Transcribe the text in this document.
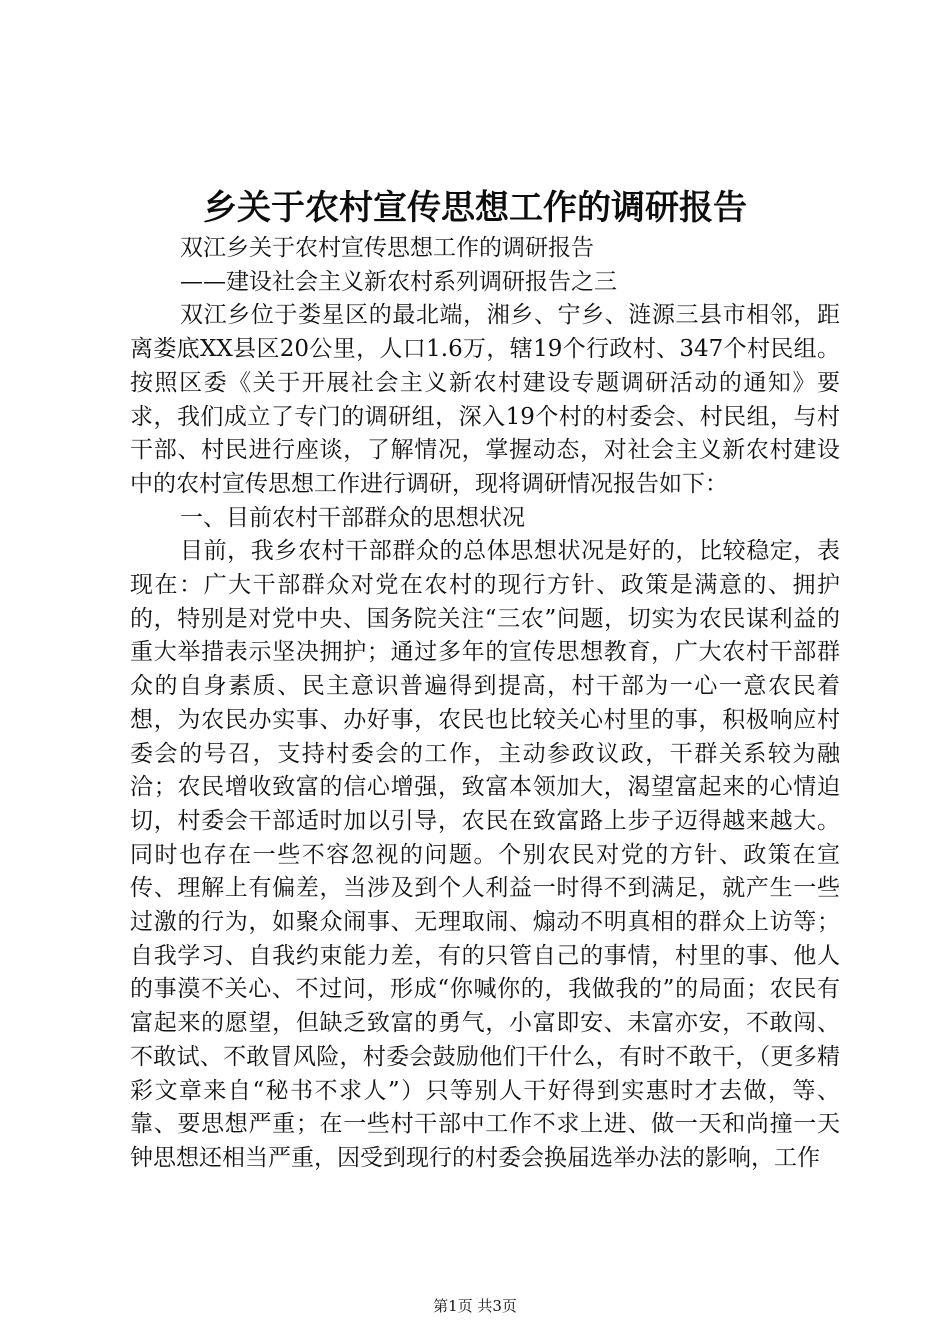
乡关于农村宣传思想工作的调研报告

双江乡关于农村宣传思想工作的调研报告

——建设社会主义新农村系列调研报告之三

双江乡位于娄星区的最北端，湘乡、宁乡、涟源三县市相邻，距离娄底XX县区20公里，人口1.6万，辖19个行政村、347个村民组。按照区委《关于开展社会主义新农村建设专题调研活动的通知》要求，我们成立了专门的调研组，深入19个村的村委会、村民组，与村干部、村民进行座谈，了解情况，掌握动态，对社会主义新农村建设中的农村宣传思想工作进行调研，现将调研情况报告如下：

一、目前农村干部群众的思想状况

目前，我乡农村干部群众的总体思想状况是好的，比较稳定，表现在：广大干部群众对党在农村的现行方针、政策是满意的、拥护的，特别是对党中央、国务院关注“三农”问题，切实为农民谋利益的重大举措表示坚决拥护；通过多年的宣传思想教育，广大农村干部群众的自身素质、民主意识普遍得到提高，村干部为一心一意农民着想，为农民办实事、办好事，农民也比较关心村里的事，积极响应村委会的号召，支持村委会的工作，主动参政议政，干群关系较为融洽；农民增收致富的信心增强，致富本领加大，渴望富起来的心情迫切，村委会干部适时加以引导，农民在致富路上步子迈得越来越大。同时也存在一些不容忽视的问题。个别农民对党的方针、政策在宣传、理解上有偏差，当涉及到个人利益一时得不到满足，就产生一些过激的行为，如聚众闹事、无理取闹、煽动不明真相的群众上访等；自我学习、自我约束能力差，有的只管自己的事情，村里的事、他人的事漠不关心、不过问，形成“你喊你的，我做我的”的局面；农民有富起来的愿望，但缺乏致富的勇气，小富即安、未富亦安，不敢闯、不敢试、不敢冒风险，村委会鼓励他们干什么，有时不敢干，（更多精彩文章来自“秘书不求人”）只等别人干好得到实惠时才去做，等、靠、要思想严重；在一些村干部中工作不求上进、做一天和尚撞一天钟思想还相当严重，因受到现行的村委会换届选举办法的影响，工作

第1页 共3页
